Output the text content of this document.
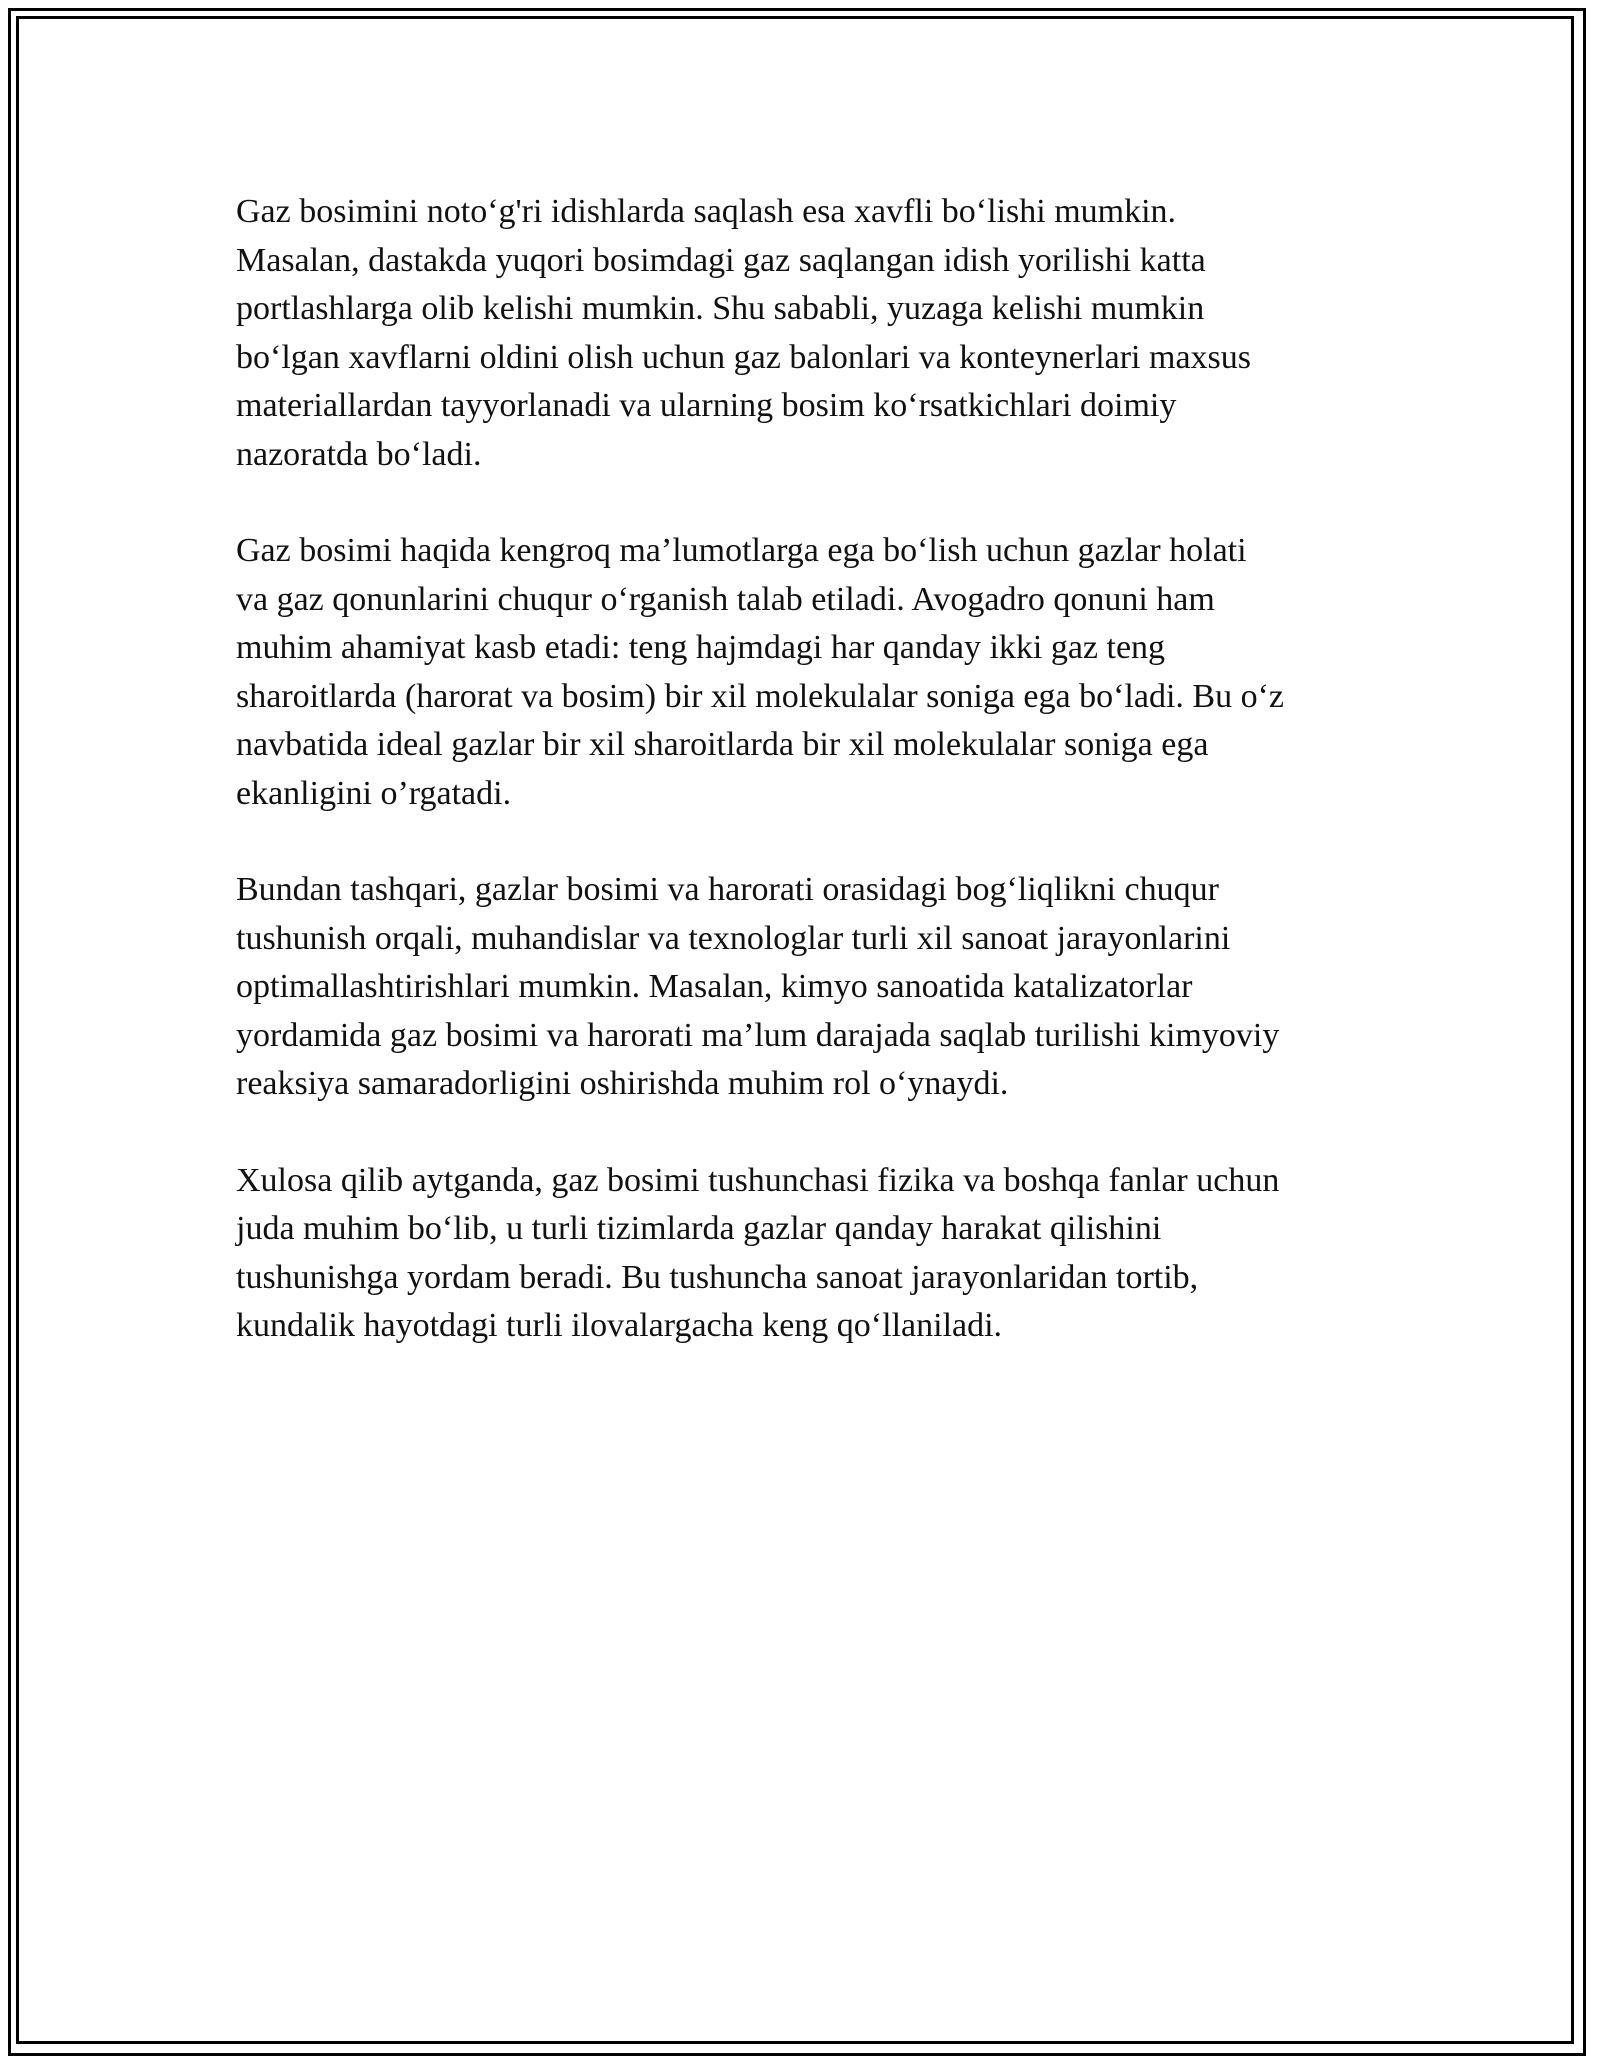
Gaz bosimini noto‘g'ri idishlarda saqlash esa xavfli bo‘lishi mumkin.
Masalan, dastakda yuqori bosimdagi gaz saqlangan idish yorilishi katta
portlashlarga olib kelishi mumkin. Shu sababli, yuzaga kelishi mumkin
bo‘lgan xavflarni oldini olish uchun gaz balonlari va konteynerlari maxsus
materiallardan tayyorlanadi va ularning bosim ko‘rsatkichlari doimiy
nazoratda bo‘ladi.

Gaz bosimi haqida kengroq ma’lumotlarga ega bo‘lish uchun gazlar holati
va gaz qonunlarini chuqur o‘rganish talab etiladi. Avogadro qonuni ham
muhim ahamiyat kasb etadi: teng hajmdagi har qanday ikki gaz teng
sharoitlarda (harorat va bosim) bir xil molekulalar soniga ega bo‘ladi. Bu o‘z
navbatida ideal gazlar bir xil sharoitlarda bir xil molekulalar soniga ega
ekanligini o’rgatadi.

Bundan tashqari, gazlar bosimi va harorati orasidagi bog‘liqlikni chuqur
tushunish orqali, muhandislar va texnologlar turli xil sanoat jarayonlarini
optimallashtirishlari mumkin. Masalan, kimyo sanoatida katalizatorlar
yordamida gaz bosimi va harorati ma’lum darajada saqlab turilishi kimyoviy
reaksiya samaradorligini oshirishda muhim rol o‘ynaydi.

Xulosa qilib aytganda, gaz bosimi tushunchasi fizika va boshqa fanlar uchun
juda muhim bo‘lib, u turli tizimlarda gazlar qanday harakat qilishini
tushunishga yordam beradi. Bu tushuncha sanoat jarayonlaridan tortib,
kundalik hayotdagi turli ilovalargacha keng qo‘llaniladi.
